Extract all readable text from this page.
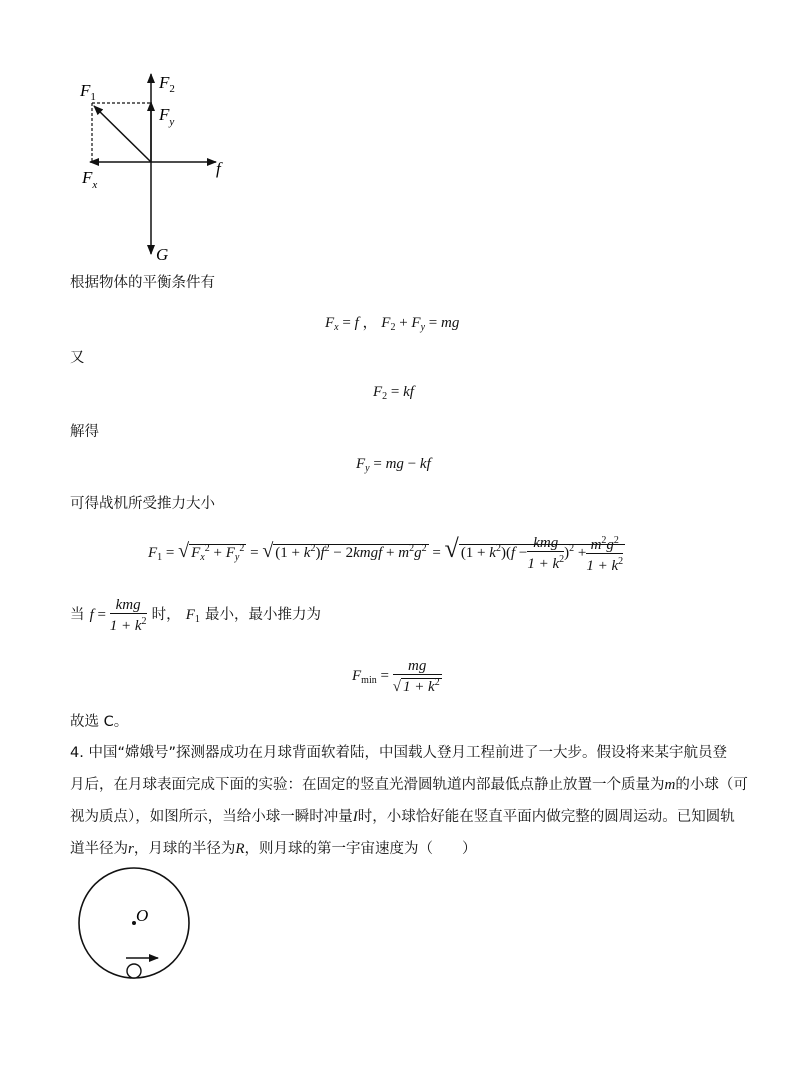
$F_1$
$F_2$
$F_y$
$F_x$
f
G
根据物体的平衡条件有
$F_x = f$ ， $F_2 + F_y$ = mg
又
$F_2$ = kf
解得
$F_y$ = mg − kf
可得战机所受推力大小
$F_1$ = √ $F_x^2 + F_y^2$ = √ $(1 + k^2)f^2$ − 2kmgf + $m^2g^2$ = √ $(1 + k^2)(f - \frac{\text{kmg}}{1 + k^2} )^2 + \frac{m^2g^2}{1 + k^2}$
当 $f = \frac{\text{kmg}}{1 + k^2}$ 时， $F_1$ 最小，最小推力为
$F_{min} = \frac{mg}{√ 1 + k^2}$
故选 C。
4. 中国“嫦娥号”探测器成功在月球背面软着陆，中国载人登月工程前进了一大步。假设将来某宇航员登
月后，在月球表面完成下面的实验：在固定的竖直光滑圆轨道内部最低点静止放置一个质量为m的小球（可
视为质点），如图所示，当给小球一瞬时冲量I时，小球恰好能在竖直平面内做完整的圆周运动。已知圆轨
道半径为r，月球的半径为R，则月球的第一宇宙速度为（　　）
O
